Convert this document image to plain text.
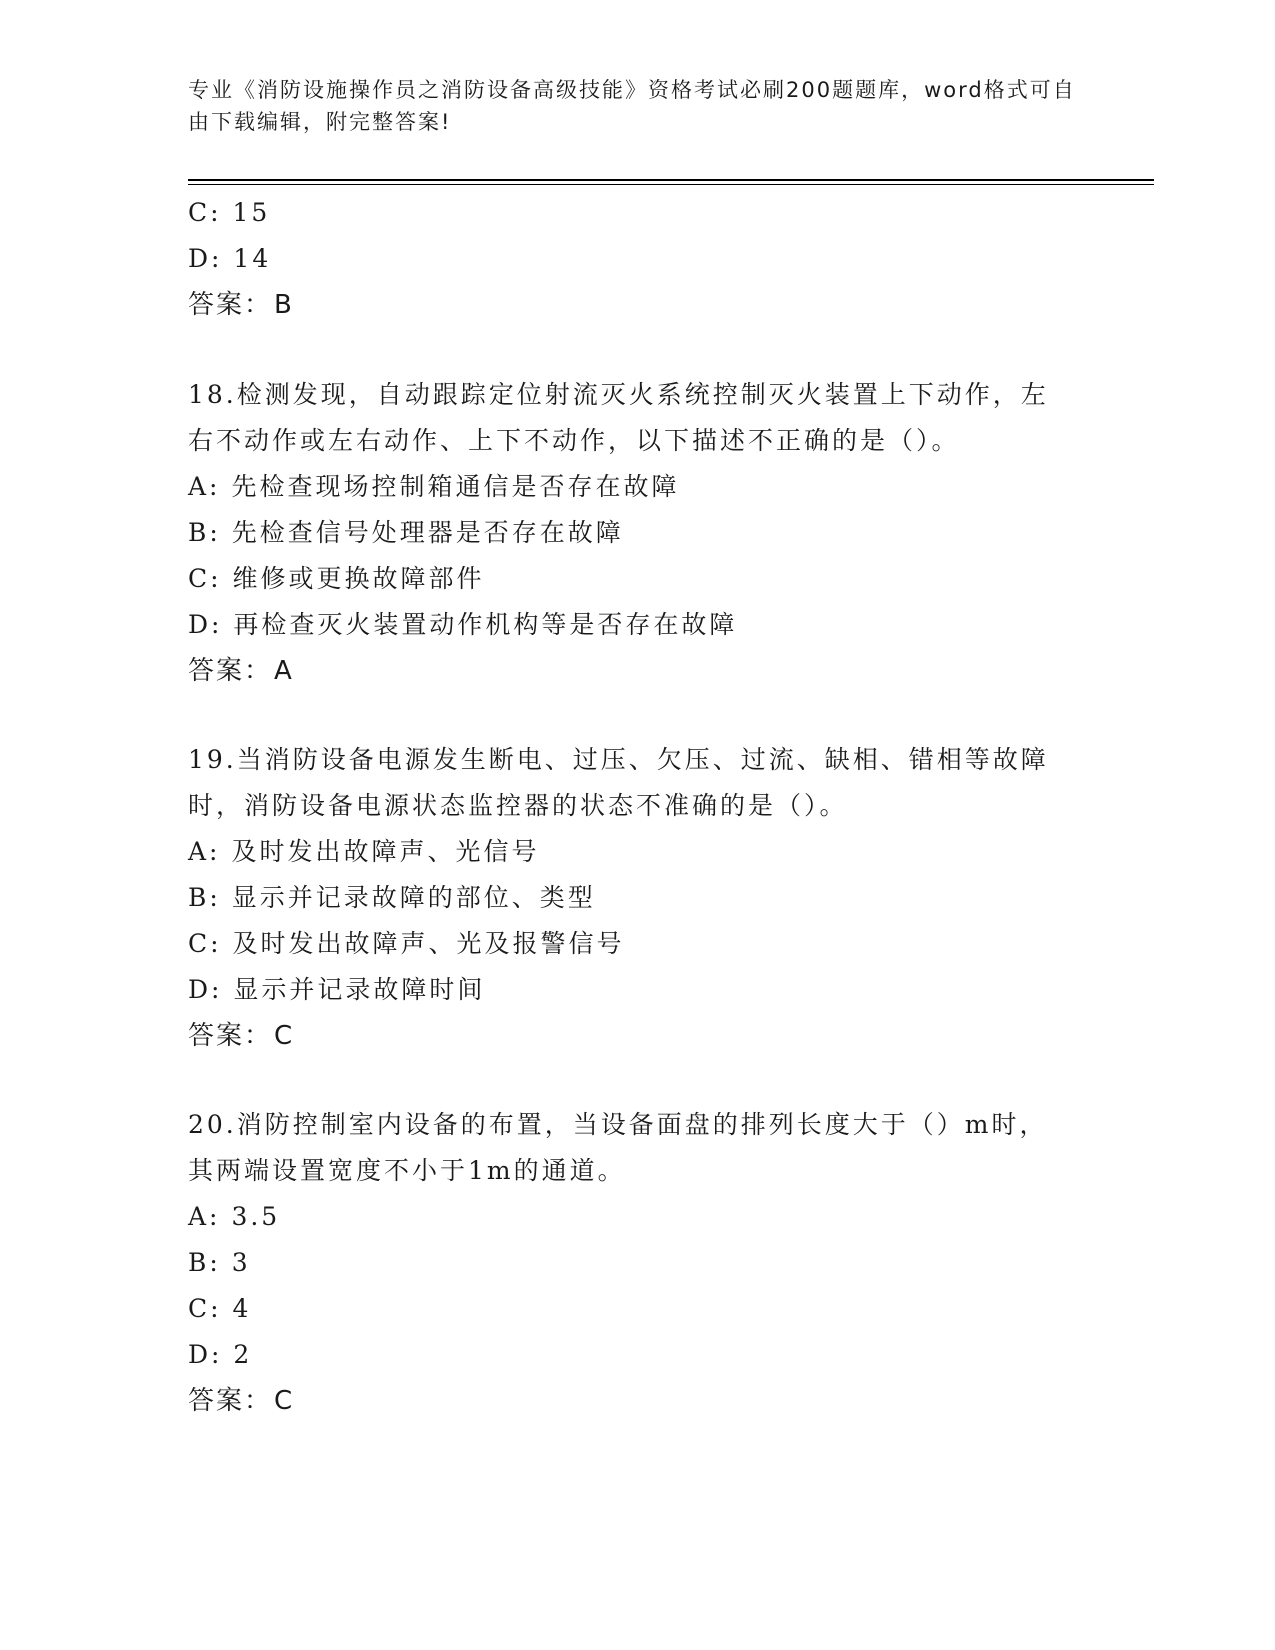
专业《消防设施操作员之消防设备高级技能》资格考试必刷200题题库，word格式可自由下载编辑，附完整答案!

C: 15

D: 14

答案：B

18.检测发现，自动跟踪定位射流灭火系统控制灭火装置上下动作，左

右不动作或左右动作、上下不动作，以下描述不正确的是（）。

A: 先检查现场控制箱通信是否存在故障

B: 先检查信号处理器是否存在故障

C: 维修或更换故障部件

D: 再检查灭火装置动作机构等是否存在故障

答案：A

19.当消防设备电源发生断电、过压、欠压、过流、缺相、错相等故障

时，消防设备电源状态监控器的状态不准确的是（）。

A: 及时发出故障声、光信号

B: 显示并记录故障的部位、类型

C: 及时发出故障声、光及报警信号

D: 显示并记录故障时间

答案：C

20.消防控制室内设备的布置，当设备面盘的排列长度大于（）m时，

其两端设置宽度不小于1m的通道。

A: 3.5

B: 3

C: 4

D: 2

答案：C
